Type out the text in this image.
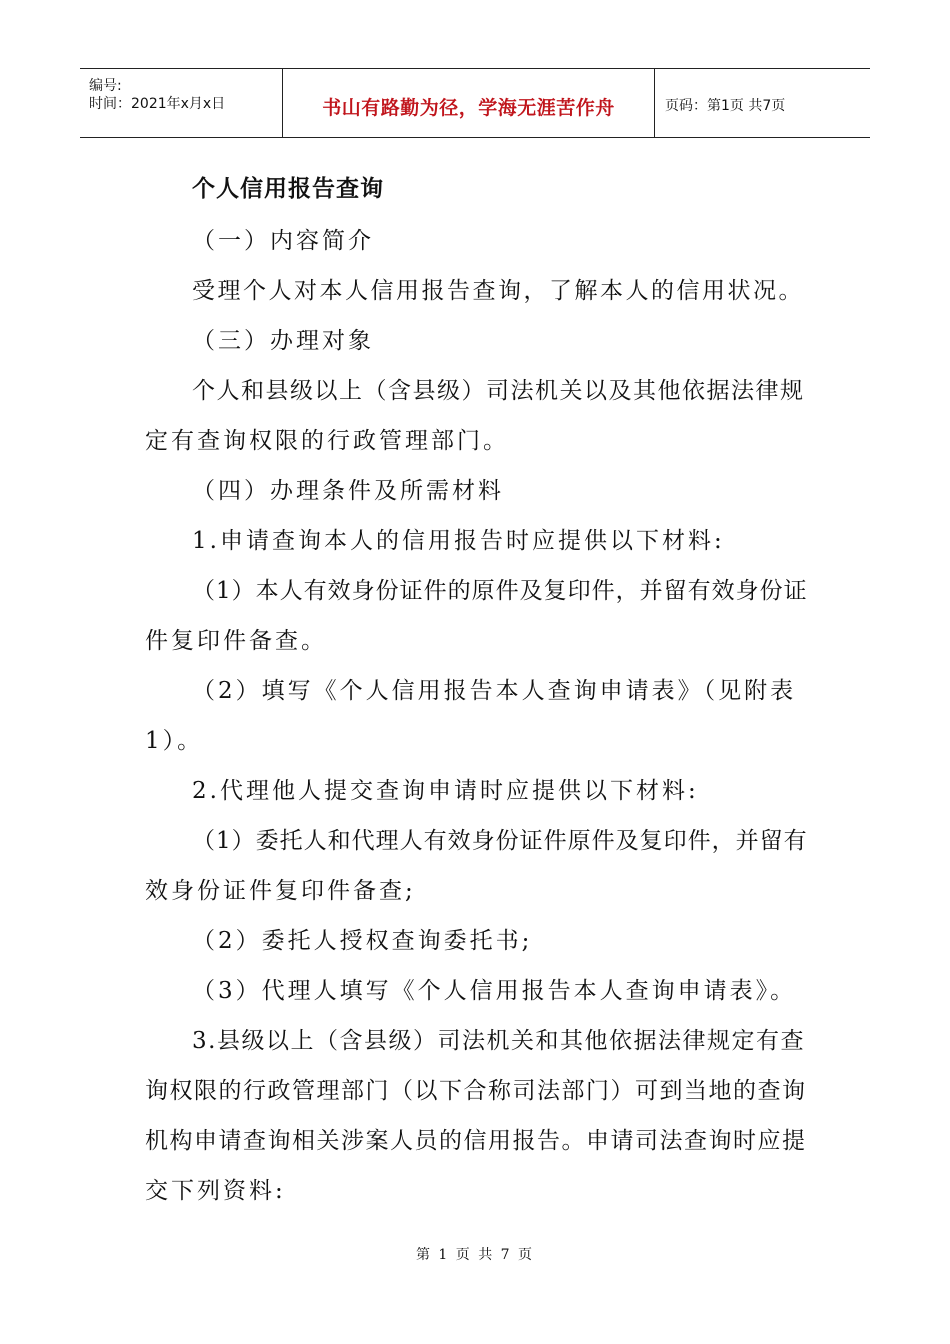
编号:
时间：2021年x月x日	书山有路勤为径，学海无涯苦作舟	页码：第1页 共7页
个人信用报告查询
（一）内容简介
受理个人对本人信用报告查询，了解本人的信用状况。
（三）办理对象
个人和县级以上（含县级）司法机关以及其他依据法律规
定有查询权限的行政管理部门。
（四）办理条件及所需材料
1.申请查询本人的信用报告时应提供以下材料:
（1）本人有效身份证件的原件及复印件，并留有效身份证
件复印件备查。
（2）填写《个人信用报告本人查询申请表》（见附表
1）。
2.代理他人提交查询申请时应提供以下材料:
（1）委托人和代理人有效身份证件原件及复印件，并留有
效身份证件复印件备查;
（2）委托人授权查询委托书;
（3）代理人填写《个人信用报告本人查询申请表》。
3.县级以上（含县级）司法机关和其他依据法律规定有查
询权限的行政管理部门（以下合称司法部门）可到当地的查询
机构申请查询相关涉案人员的信用报告。申请司法查询时应提
交下列资料:
第 1 页 共 7 页
